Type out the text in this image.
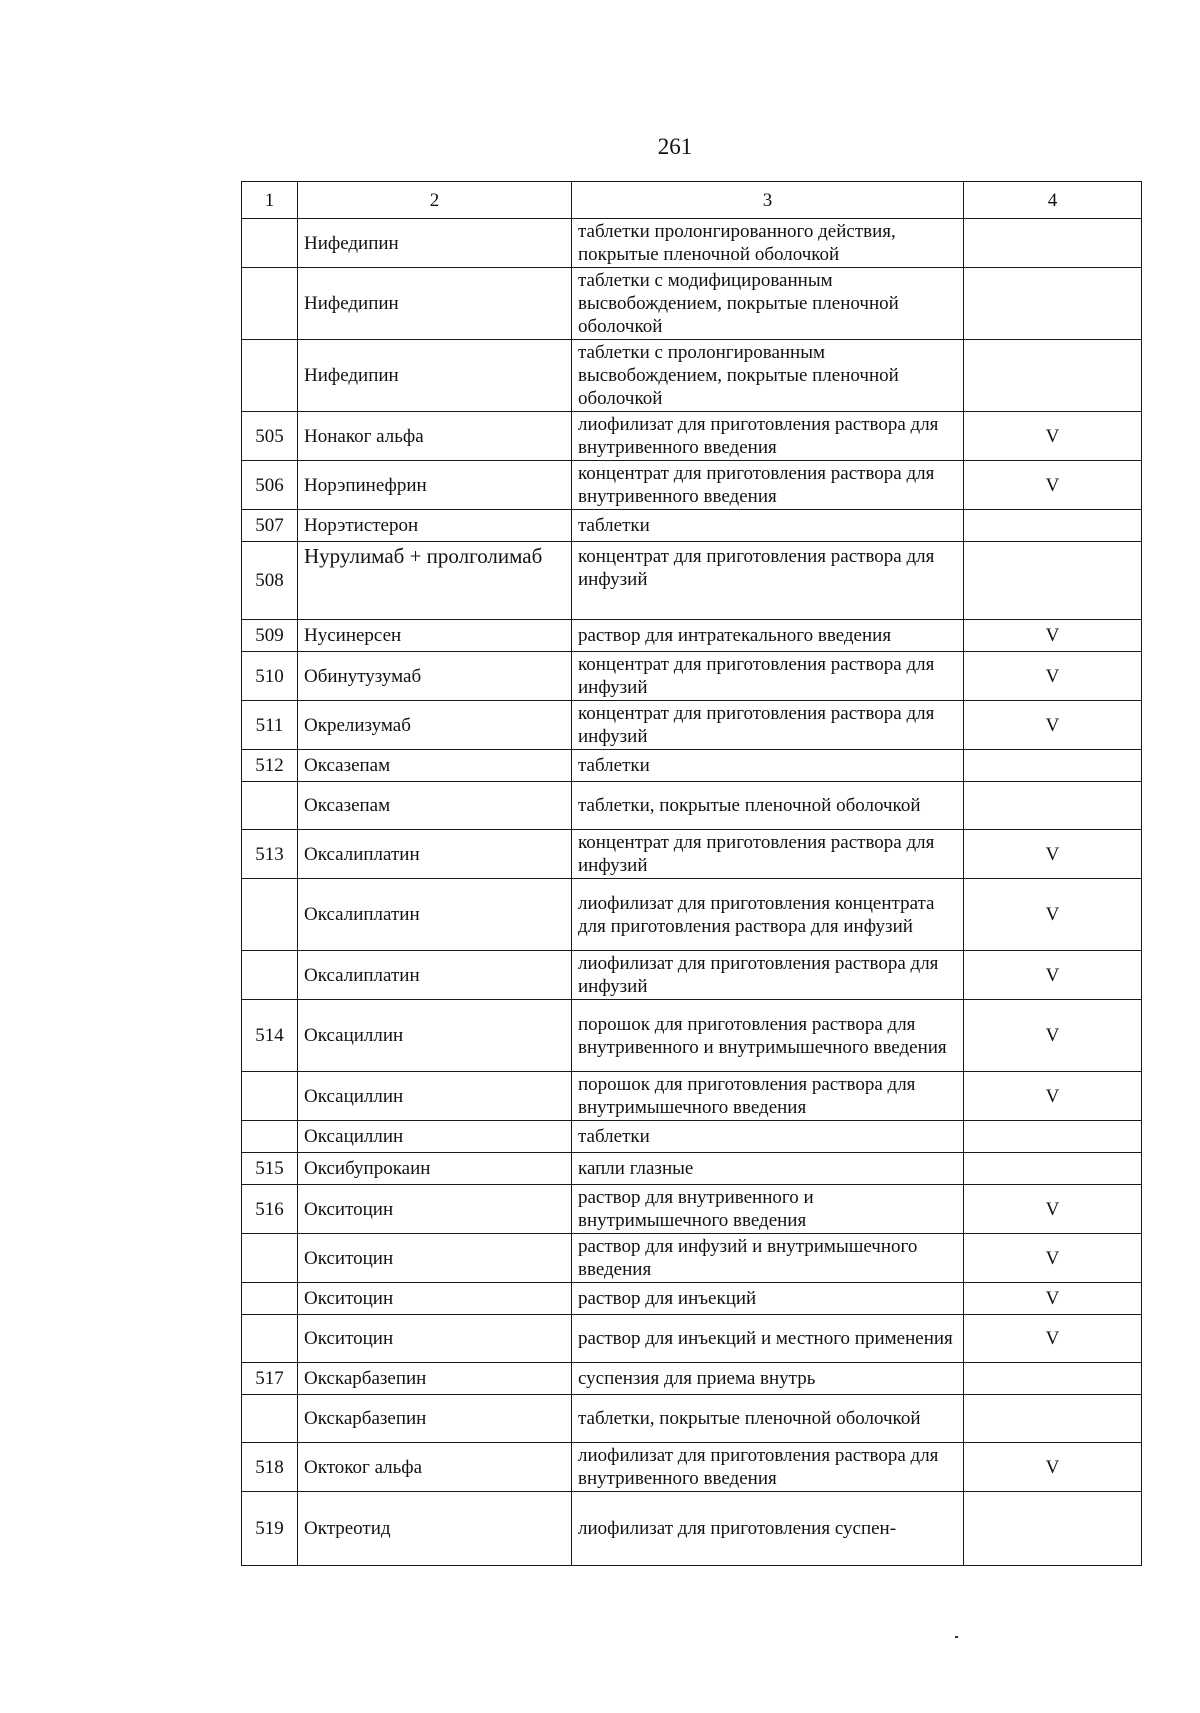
261
1	2	3	4
	Нифедипин	таблетки пролонгированного действия, покрытые пленочной оболочкой	
	Нифедипин	таблетки с модифицированным высвобождением, покрытые пленочной оболочкой	
	Нифедипин	таблетки с пролонгированным высвобождением, покрытые пленочной оболочкой	
505	Нонаког альфа	лиофилизат для приготовления раствора для внутривенного введения	V
506	Норэпинефрин	концентрат для приготовления раствора для внутривенного введения	V
507	Норэтистерон	таблетки	
508	Нурулимаб + пролголимаб	концентрат для приготовления раствора для инфузий	
509	Нусинерсен	раствор для интратекального введения	V
510	Обинутузумаб	концентрат для приготовления раствора для инфузий	V
511	Окрелизумаб	концентрат для приготовления раствора для инфузий	V
512	Оксазепам	таблетки	
	Оксазепам	таблетки, покрытые пленочной оболочкой	
513	Оксалиплатин	концентрат для приготовления раствора для инфузий	V
	Оксалиплатин	лиофилизат для приготовления концентрата для приготовления раствора для инфузий	V
	Оксалиплатин	лиофилизат для приготовления раствора для инфузий	V
514	Оксациллин	порошок для приготовления раствора для внутривенного и внутримышечного введения	V
	Оксациллин	порошок для приготовления раствора для внутримышечного введения	V
	Оксациллин	таблетки	
515	Оксибупрокаин	капли глазные	
516	Окситоцин	раствор для внутривенного и внутримышечного введения	V
	Окситоцин	раствор для инфузий и внутримышечного введения	V
	Окситоцин	раствор для инъекций	V
	Окситоцин	раствор для инъекций и местного применения	V
517	Окскарбазепин	суспензия для приема внутрь	
	Окскарбазепин	таблетки, покрытые пленочной оболочкой	
518	Октоког альфа	лиофилизат для приготовления раствора для внутривенного введения	V
519	Октреотид	лиофилизат для приготовления суспен-	
